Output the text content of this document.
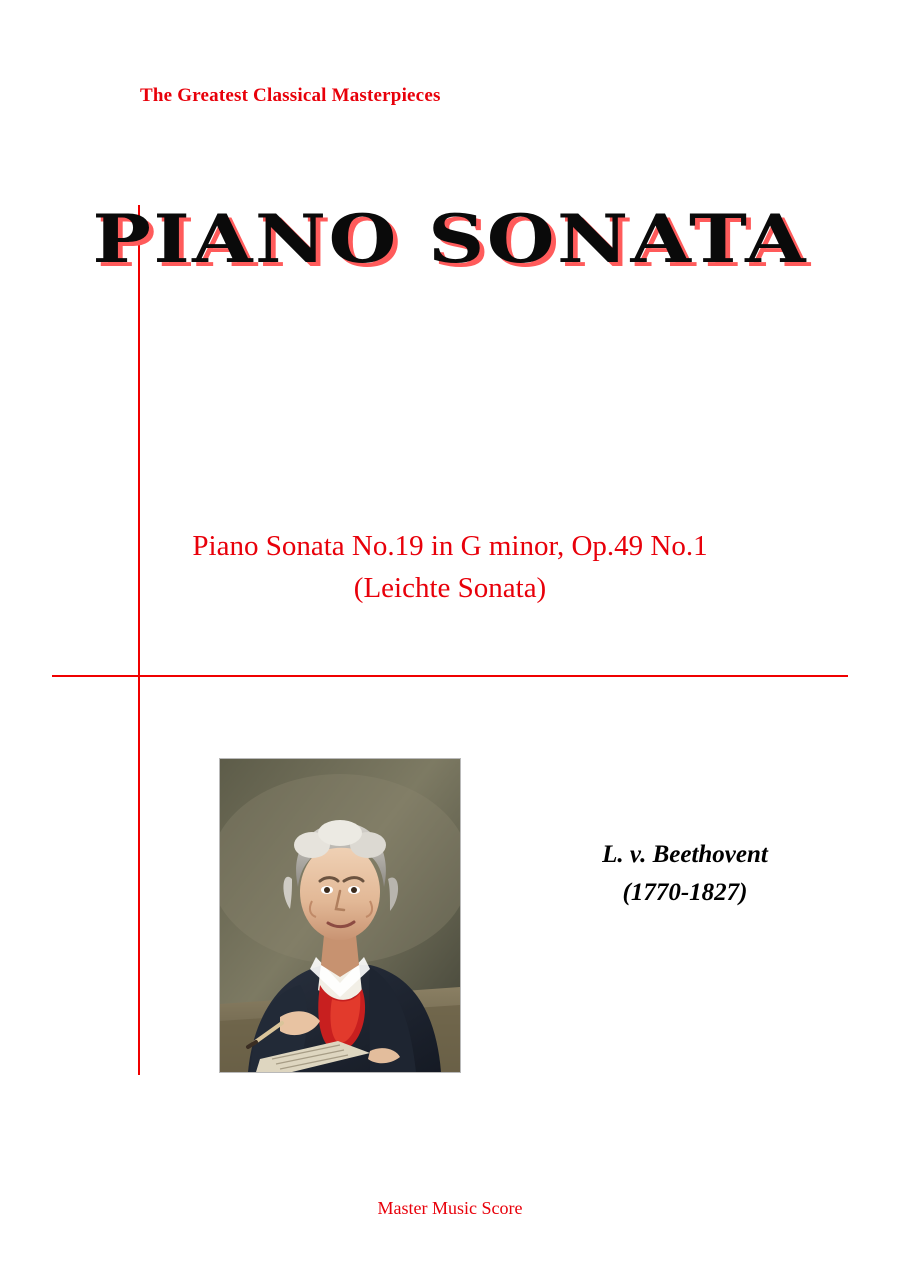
The Greatest Classical Masterpieces
PIANO SONATA
Piano Sonata No.19 in G minor, Op.49 No.1
(Leichte Sonata)
L. v. Beethovent
(1770-1827)
Master Music Score
